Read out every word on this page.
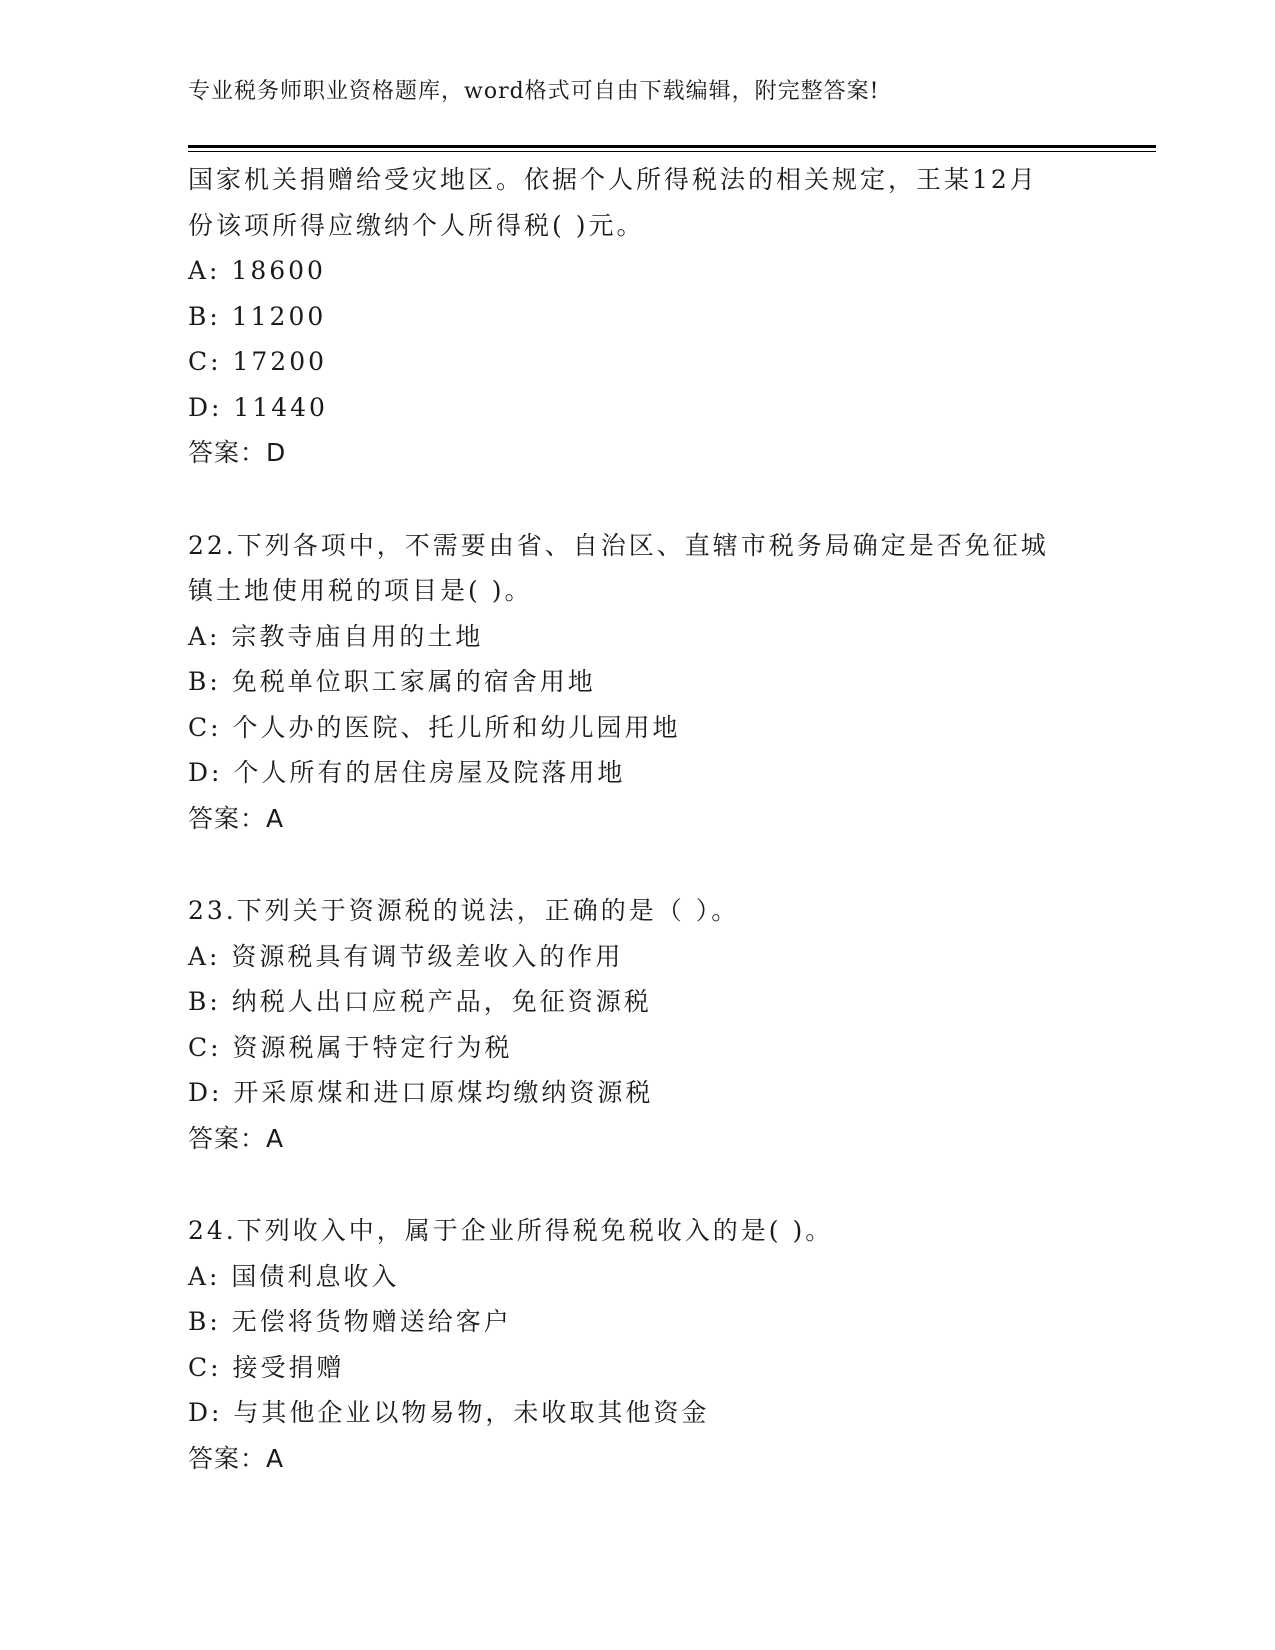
专业税务师职业资格题库，word格式可自由下载编辑，附完整答案!
国家机关捐赠给受灾地区。依据个人所得税法的相关规定，王某12月
份该项所得应缴纳个人所得税( )元。
A: 18600
B: 11200
C: 17200
D: 11440
答案：D
22.下列各项中，不需要由省、自治区、直辖市税务局确定是否免征城
镇土地使用税的项目是( )。
A: 宗教寺庙自用的土地
B: 免税单位职工家属的宿舍用地
C: 个人办的医院、托儿所和幼儿园用地
D: 个人所有的居住房屋及院落用地
答案：A
23.下列关于资源税的说法，正确的是（ ）。
A: 资源税具有调节级差收入的作用
B: 纳税人出口应税产品，免征资源税
C: 资源税属于特定行为税
D: 开采原煤和进口原煤均缴纳资源税
答案：A
24.下列收入中，属于企业所得税免税收入的是( )。
A: 国债利息收入
B: 无偿将货物赠送给客户
C: 接受捐赠
D: 与其他企业以物易物，未收取其他资金
答案：A
